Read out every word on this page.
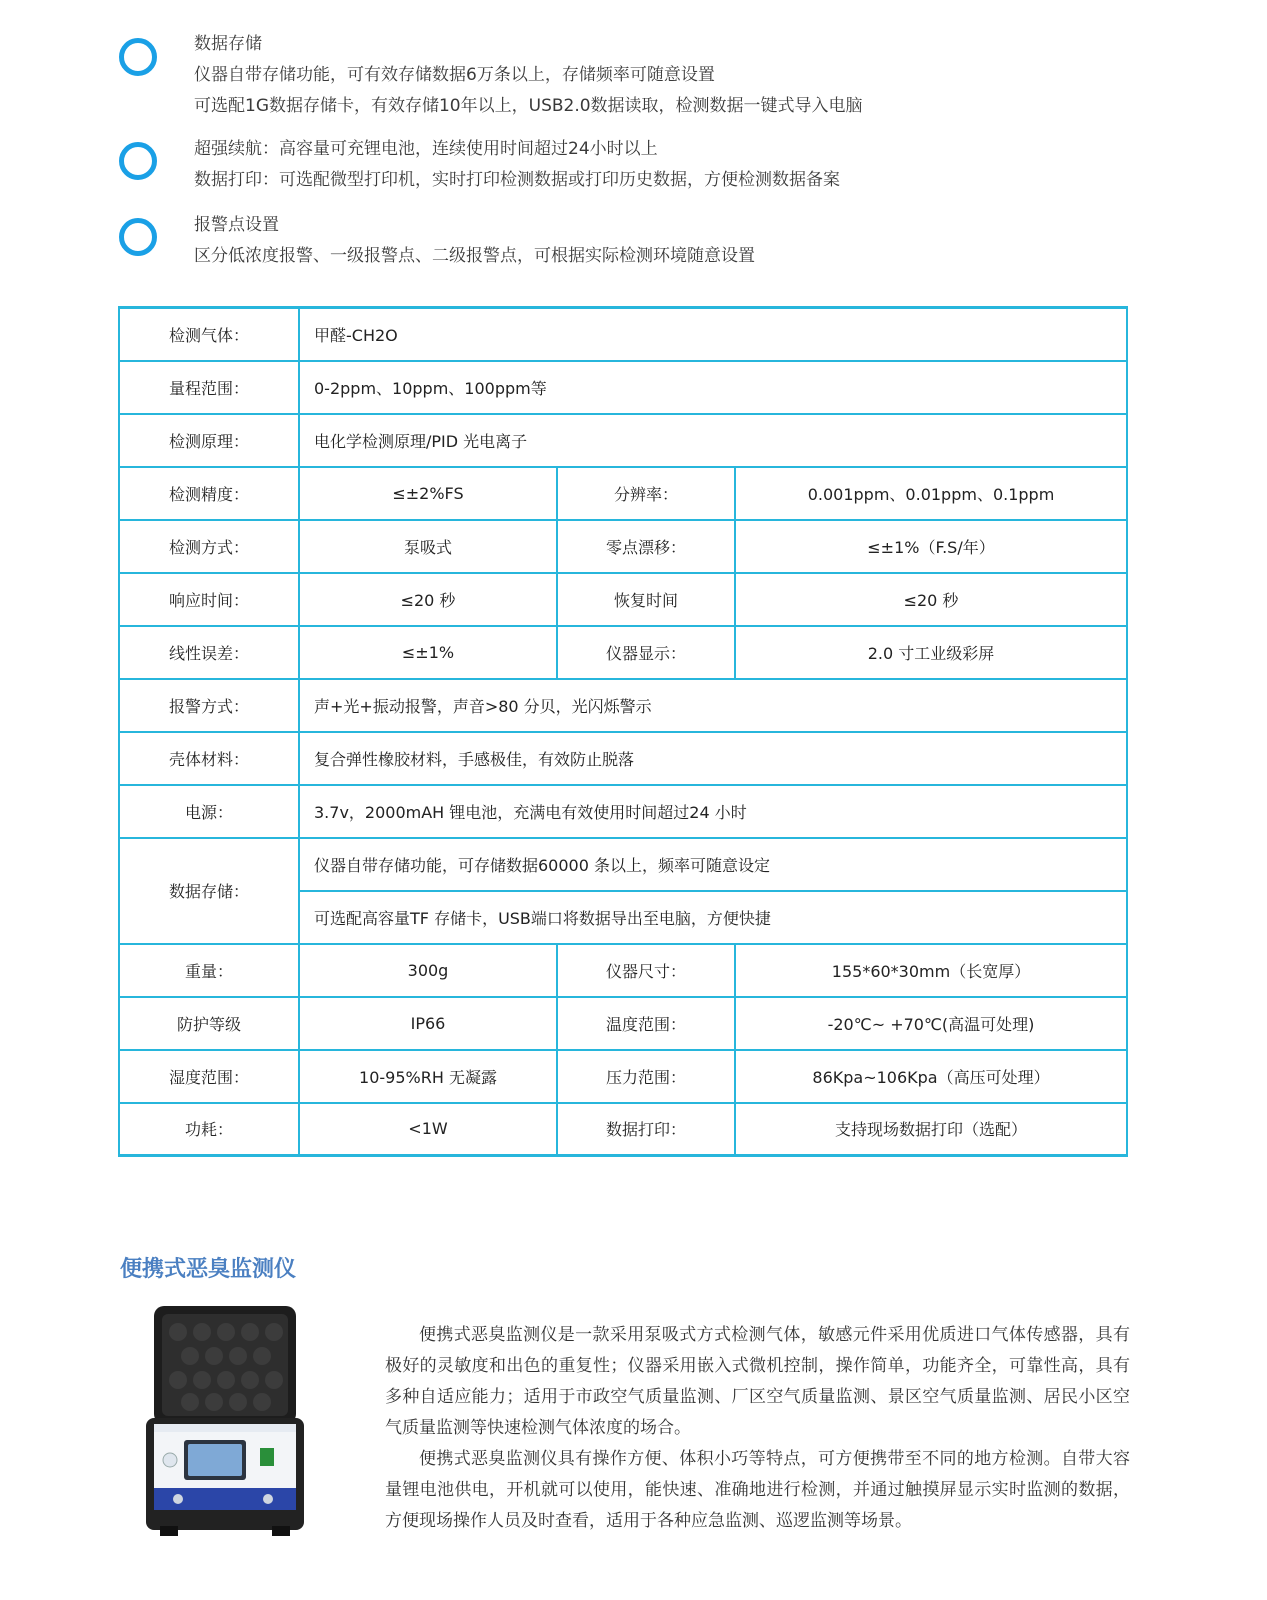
数据存储
仪器自带存储功能，可有效存储数据6万条以上，存储频率可随意设置
可选配1G数据存储卡，有效存储10年以上，USB2.0数据读取，检测数据一键式导入电脑
超强续航：高容量可充锂电池，连续使用时间超过24小时以上
数据打印：可选配微型打印机，实时打印检测数据或打印历史数据，方便检测数据备案
报警点设置
区分低浓度报警、一级报警点、二级报警点，可根据实际检测环境随意设置
检测气体：	甲醛-CH2O		
量程范围：	0-2ppm、10ppm、100ppm等		
检测原理：	电化学检测原理/PID 光电离子		
检测精度：	≤±2%FS	分辨率：	0.001ppm、0.01ppm、0.1ppm
检测方式：	泵吸式	零点漂移：	≤±1%（F.S/年）
响应时间：	≤20 秒	恢复时间	≤20 秒
线性误差：	≤±1%	仪器显示：	2.0 寸工业级彩屏
报警方式：	声+光+振动报警，声音>80 分贝，光闪烁警示		
壳体材料：	复合弹性橡胶材料，手感极佳，有效防止脱落		
电源：	3.7v，2000mAH 锂电池，充满电有效使用时间超过24 小时		
数据存储：	仪器自带存储功能，可存储数据60000 条以上，频率可随意设定		
	可选配高容量TF 存储卡，USB端口将数据导出至电脑，方便快捷		
重量：	300g	仪器尺寸：	155*60*30mm（长宽厚）
防护等级	IP66	温度范围：	-20℃~ +70℃(高温可处理)
湿度范围：	10-95%RH 无凝露	压力范围：	86Kpa~106Kpa（高压可处理）
功耗：	<1W	数据打印：	支持现场数据打印（选配）
便携式恶臭监测仪

便携式恶臭监测仪是一款采用泵吸式方式检测气体，敏感元件采用优质进口气体传感器，具有极好的灵敏度和出色的重复性；仪器采用嵌入式微机控制，操作简单，功能齐全，可靠性高，具有多种自适应能力；适用于市政空气质量监测、厂区空气质量监测、景区空气质量监测、居民小区空气质量监测等快速检测气体浓度的场合。

便携式恶臭监测仪具有操作方便、体积小巧等特点，可方便携带至不同的地方检测。自带大容量锂电池供电，开机就可以使用，能快速、准确地进行检测，并通过触摸屏显示实时监测的数据，方便现场操作人员及时查看，适用于各种应急监测、巡逻监测等场景。
